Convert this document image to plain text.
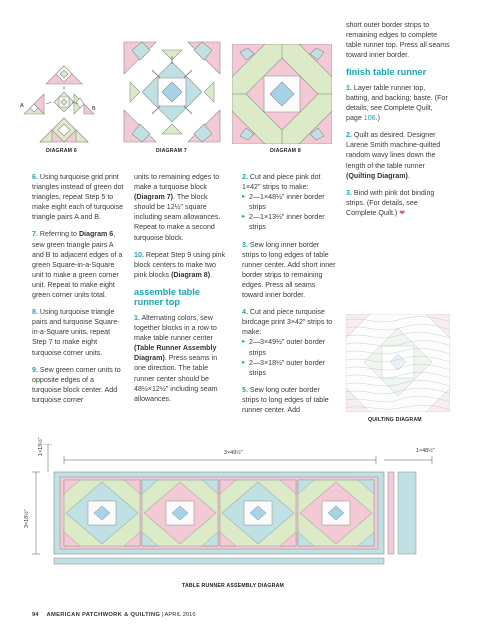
A	B
DIAGRAM 6	DIAGRAM 7	DIAGRAM 8

6. Using turquoise grid print triangles instead of green dot triangles, repeat Step 5 to make eight each of turquoise triangle pairs A and B.

7. Referring to Diagram 6, sew green triangle pairs A and B to adjacent edges of a green Square-in-a-Square unit to make a green corner unit. Repeat to make eight green corner units total.

8. Using turquoise triangle pairs and turquoise Square-in-a-Square units, repeat Step 7 to make eight turquoise corner units.

9. Sew green corner units to opposite edges of a turquoise block center. Add turquoise corner

units to remaining edges to make a turquoise block (Diagram 7). The block should be 12½" square including seam allowances. Repeat to make a second turquoise block.

10. Repeat Step 9 using pink block centers to make two pink blocks (Diagram 8).

assemble table runner top

1. Alternating colors, sew together blocks in a row to make table runner center (Table Runner Assembly Diagram). Press seams in one direction. The table runner center should be 48½×12½" including seam allowances.

2. Cut and piece pink dot 1×42" strips to make:
▸ 2—1×48½" inner border strips
▸ 2—1×13½" inner border strips

3. Sew long inner border strips to long edges of table runner center. Add short inner border strips to remaining edges. Press all seams toward inner border.

4. Cut and piece turquoise birdcage print 3×42" strips to make:
▸ 2—3×49½" outer border strips
▸ 2—3×18½" outer border strips

5. Sew long outer border strips to long edges of table runner center. Add

short outer border strips to remaining edges to complete table runner top. Press all seams toward inner border.

finish table runner

1. Layer table runner top, batting, and backing; baste. (For details, see Complete Quilt, page 106.)

2. Quilt as desired. Designer Larene Smith machine-quilted random wavy lines down the length of the table runner (Quilting Diagram).

3. Bind with pink dot binding strips. (For details, see Complete Quilt.) ❤

QUILTING DIAGRAM
3×49½"	1×48½"
1×13½"
3×18½"
TABLE RUNNER ASSEMBLY DIAGRAM
94 AMERICAN PATCHWORK & QUILTING | APRIL 2016
